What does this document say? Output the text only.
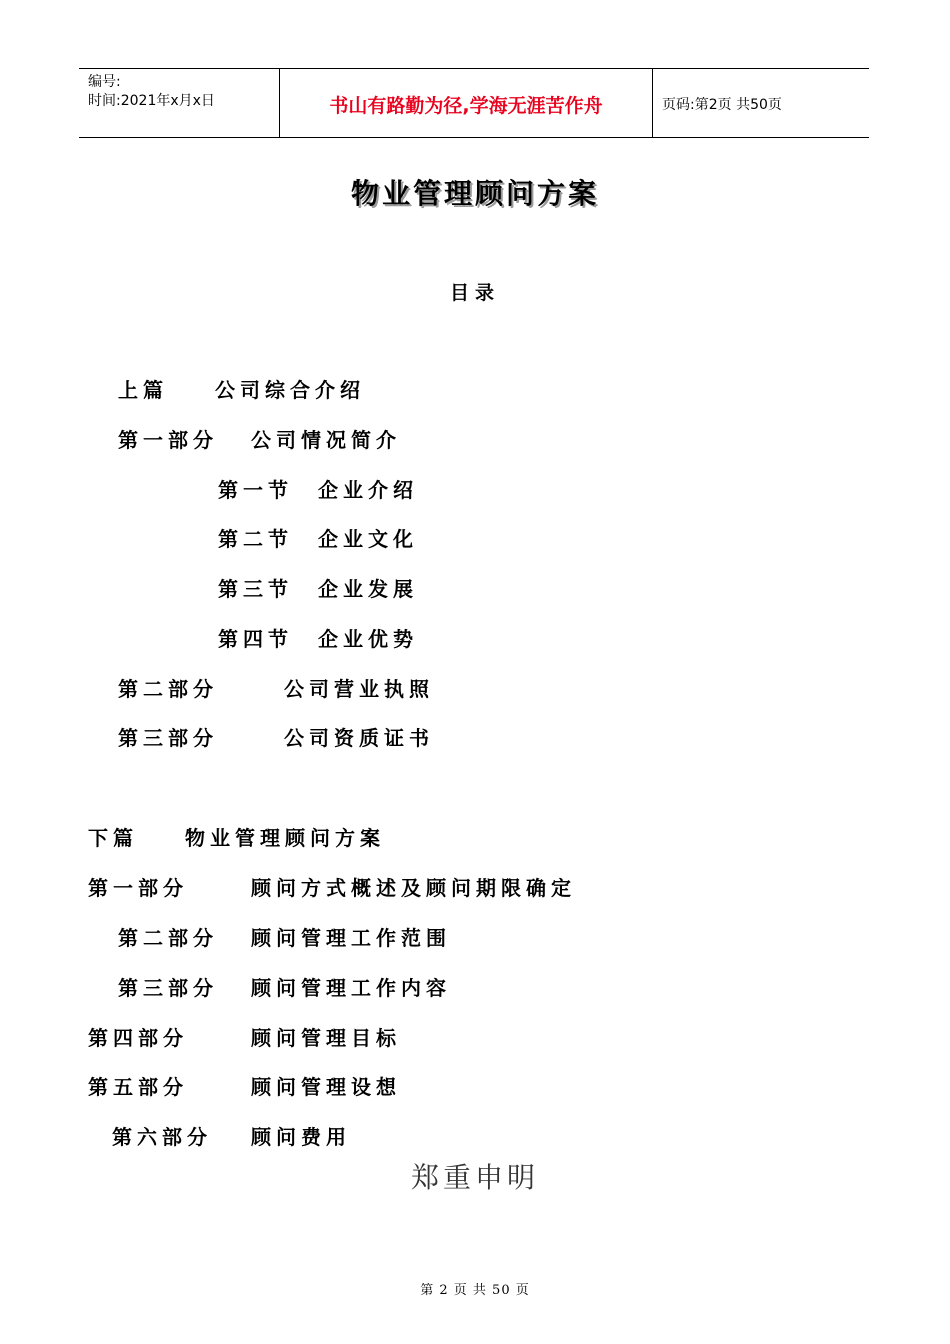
编号:
时间:2021年x月x日	书山有路勤为径,学海无涯苦作舟	页码:第2页 共50页
物业管理顾问方案
目录
上篇 公司综合介绍
第一部分 公司情况简介
第一节 企业介绍
第二节 企业文化
第三节 企业发展
第四节 企业优势
第二部分	公司营业执照
第三部分	公司资质证书
下篇 物业管理顾问方案
第一部分	顾问方式概述及顾问期限确定
第二部分 顾问管理工作范围
第三部分 顾问管理工作内容
第四部分	顾问管理目标
第五部分	顾问管理设想
第六部分 顾问费用
郑重申明
第 2 页 共 50 页
